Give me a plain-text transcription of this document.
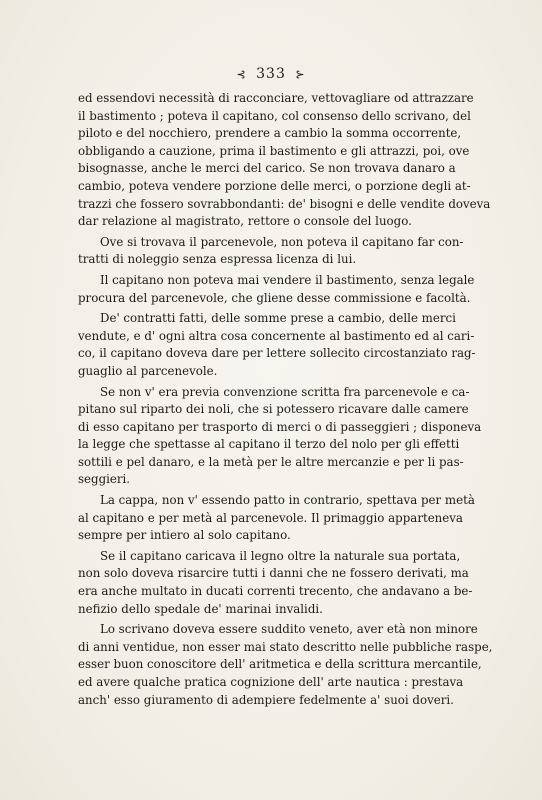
⊰ 333 ⊱
ed essendovi necessità di racconciare, vettovagliare od attrazzare
il bastimento ; poteva il capitano, col consenso dello scrivano, del
piloto e del nocchiero, prendere a cambio la somma occorrente,
obbligando a cauzione, prima il bastimento e gli attrazzi, poi, ove
bisognasse, anche le merci del carico. Se non trovava danaro a
cambio, poteva vendere porzione delle merci, o porzione degli at-
trazzi che fossero sovrabbondanti: de' bisogni e delle vendite doveva
dar relazione al magistrato, rettore o console del luogo.
Ove si trovava il parcenevole, non poteva il capitano far con-
tratti di noleggio senza espressa licenza di lui.
Il capitano non poteva mai vendere il bastimento, senza legale
procura del parcenevole, che gliene desse commissione e facoltà.
De' contratti fatti, delle somme prese a cambio, delle merci
vendute, e d' ogni altra cosa concernente al bastimento ed al cari-
co, il capitano doveva dare per lettere sollecito circostanziato rag-
guaglio al parcenevole.
Se non v' era previa convenzione scritta fra parcenevole e ca-
pitano sul riparto dei noli, che si potessero ricavare dalle camere
di esso capitano per trasporto di merci o di passeggieri ; disponeva
la legge che spettasse al capitano il terzo del nolo per gli effetti
sottili e pel danaro, e la metà per le altre mercanzie e per li pas-
seggieri.
La cappa, non v' essendo patto in contrario, spettava per metà
al capitano e per metà al parcenevole. Il primaggio apparteneva
sempre per intiero al solo capitano.
Se il capitano caricava il legno oltre la naturale sua portata,
non solo doveva risarcire tutti i danni che ne fossero derivati, ma
era anche multato in ducati correnti trecento, che andavano a be-
nefizio dello spedale de' marinai invalidi.
Lo scrivano doveva essere suddito veneto, aver età non minore
di anni ventidue, non esser mai stato descritto nelle pubbliche raspe,
esser buon conoscitore dell' aritmetica e della scrittura mercantile,
ed avere qualche pratica cognizione dell' arte nautica : prestava
anch' esso giuramento di adempiere fedelmente a' suoi doveri.
